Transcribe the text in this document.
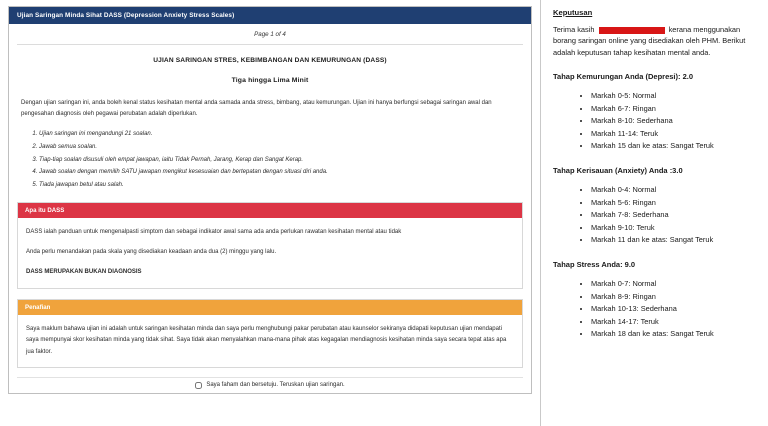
Ujian Saringan Minda Sihat DASS (Depression Anxiety Stress Scales)
Page 1 of 4
UJIAN SARINGAN STRES, KEBIMBANGAN DAN KEMURUNGAN (DASS)
Tiga hingga Lima Minit
Dengan ujian saringan ini, anda boleh kenal status kesihatan mental anda samada anda stress, bimbang, atau kemurungan. Ujian ini hanya berfungsi sebagai saringan awal dan pengesahan diagnosis oleh pegawai perubatan adalah diperlukan.
1. Ujian saringan ini mengandungi 21 soalan.
2. Jawab semua soalan.
3. Tiap-tiap soalan disusuli oleh empat jawapan, iaitu Tidak Pernah, Jarang, Kerap dan Sangat Kerap.
4. Jawab soalan dengan memilih SATU jawapan mengikut kesesuaian dan bertepatan dengan situasi diri anda.
5. Tiada jawapan betul atau salah.
Apa itu DASS

DASS ialah panduan untuk mengenalpasti simptom dan sebagai indikator awal sama ada anda perlukan rawatan kesihatan mental atau tidak

Anda perlu menandakan pada skala yang disediakan keadaan anda dua (2) minggu yang lalu.

DASS MERUPAKAN BUKAN DIAGNOSIS

Penafian

Saya maklum bahawa ujian ini adalah untuk saringan kesihatan minda dan saya perlu menghubungi pakar perubatan atau kaunselor sekiranya didapati keputusan ujian mendapati saya mempunyai skor kesihatan minda yang tidak sihat. Saya tidak akan menyalahkan mana-mana pihak atas kegagalan mendiagnosis kesihatan minda saya secara tepat atas apa jua faktor.

Saya faham dan bersetuju. Teruskan ujian saringan.
Keputusan
Terima kasih	kerana menggunakan borang saringan online yang disediakan oleh PHM. Berikut adalah keputusan tahap kesihatan mental anda.
Tahap Kemurungan Anda (Depresi): 2.0
• Markah 0-5: Normal
• Markah 6-7: Ringan
• Markah 8-10: Sederhana
• Markah 11-14: Teruk
• Markah 15 dan ke atas: Sangat Teruk
Tahap Kerisauan (Anxiety) Anda :3.0
• Markah 0-4: Normal
• Markah 5-6: Ringan
• Markah 7-8: Sederhana
• Markah 9-10: Teruk
• Markah 11 dan ke atas: Sangat Teruk
Tahap Stress Anda: 9.0
• Markah 0-7: Normal
• Markah 8-9: Ringan
• Markah 10-13: Sederhana
• Markah 14-17: Teruk
• Markah 18 dan ke atas: Sangat Teruk
